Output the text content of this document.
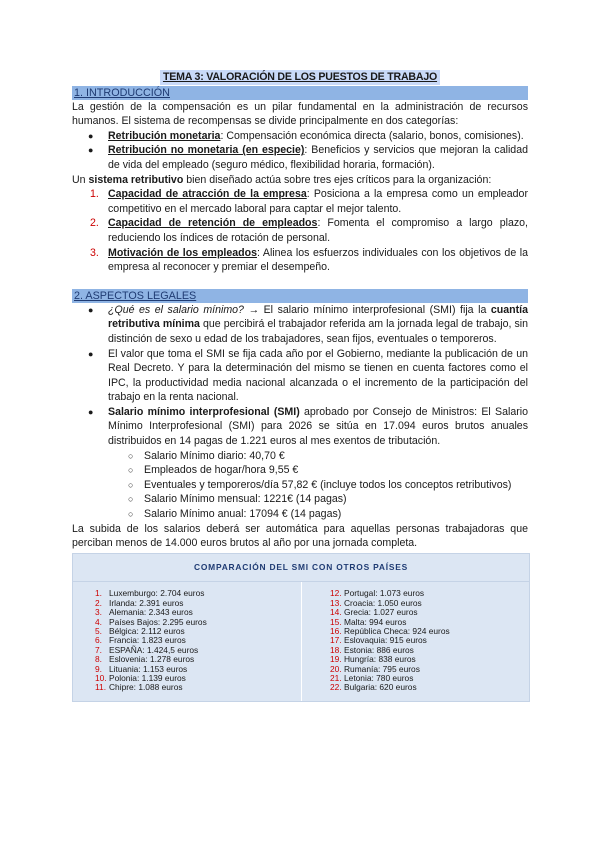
TEMA 3: VALORACIÓN DE LOS PUESTOS DE TRABAJO
1. INTRODUCCIÓN

La gestión de la compensación es un pilar fundamental en la administración de recursos humanos. El sistema de recompensas se divide principalmente en dos categorías:

● Retribución monetaria: Compensación económica directa (salario, bonos, comisiones).
● Retribución no monetaria (en especie): Beneficios y servicios que mejoran la calidad de vida del empleado (seguro médico, flexibilidad horaria, formación).

Un sistema retributivo bien diseñado actúa sobre tres ejes críticos para la organización:

1. Capacidad de atracción de la empresa: Posiciona a la empresa como un empleador competitivo en el mercado laboral para captar el mejor talento.
2. Capacidad de retención de empleados: Fomenta el compromiso a largo plazo, reduciendo los índices de rotación de personal.
3. Motivación de los empleados: Alinea los esfuerzos individuales con los objetivos de la empresa al reconocer y premiar el desempeño.
2. ASPECTOS LEGALES
● ¿Qué es el salario mínimo? → El salario mínimo interprofesional (SMI) fija la cuantía retributiva mínima que percibirá el trabajador referida am la jornada legal de trabajo, sin distinción de sexo u edad de los trabajadores, sean fijos, eventuales o temporeros.
● El valor que toma el SMI se fija cada año por el Gobierno, mediante la publicación de un Real Decreto. Y para la determinación del mismo se tienen en cuenta factores como el IPC, la productividad media nacional alcanzada o el incremento de la participación del trabajo en la renta nacional.
● Salario mínimo interprofesional (SMI) aprobado por Consejo de Ministros: El Salario Mínimo Interprofesional (SMI) para 2026 se sitúa en 17.094 euros brutos anuales distribuidos en 14 pagas de 1.221 euros al mes exentos de tributación.
○ Salario Mínimo diario: 40,70 €
○ Empleados de hogar/hora 9,55 €
○ Eventuales y temporeros/día 57,82 € (incluye todos los conceptos retributivos)
○ Salario Mínimo mensual: 1221€ (14 pagas)
○ Salario Mínimo anual: 17094 € (14 pagas)

La subida de los salarios deberá ser automática para aquellas personas trabajadoras que perciban menos de 14.000 euros brutos al año por una jornada completa.

COMPARACIÓN DEL SMI CON OTROS PAÍSES
1. Luxemburgo: 2.704 euros
2. Irlanda: 2.391 euros
3. Alemania: 2.343 euros
4. Países Bajos: 2.295 euros
5. Bélgica: 2.112 euros
6. Francia: 1.823 euros
7. ESPAÑA: 1.424,5 euros
8. Eslovenia: 1.278 euros
9. Lituania: 1.153 euros
10. Polonia: 1.139 euros
11. Chipre: 1.088 euros
12. Portugal: 1.073 euros
13. Croacia: 1.050 euros
14. Grecia: 1.027 euros
15. Malta: 994 euros
16. República Checa: 924 euros
17. Eslovaquia: 915 euros
18. Estonia: 886 euros
19. Hungría: 838 euros
20. Rumanía: 795 euros
21. Letonia: 780 euros
22. Bulgaria: 620 euros
